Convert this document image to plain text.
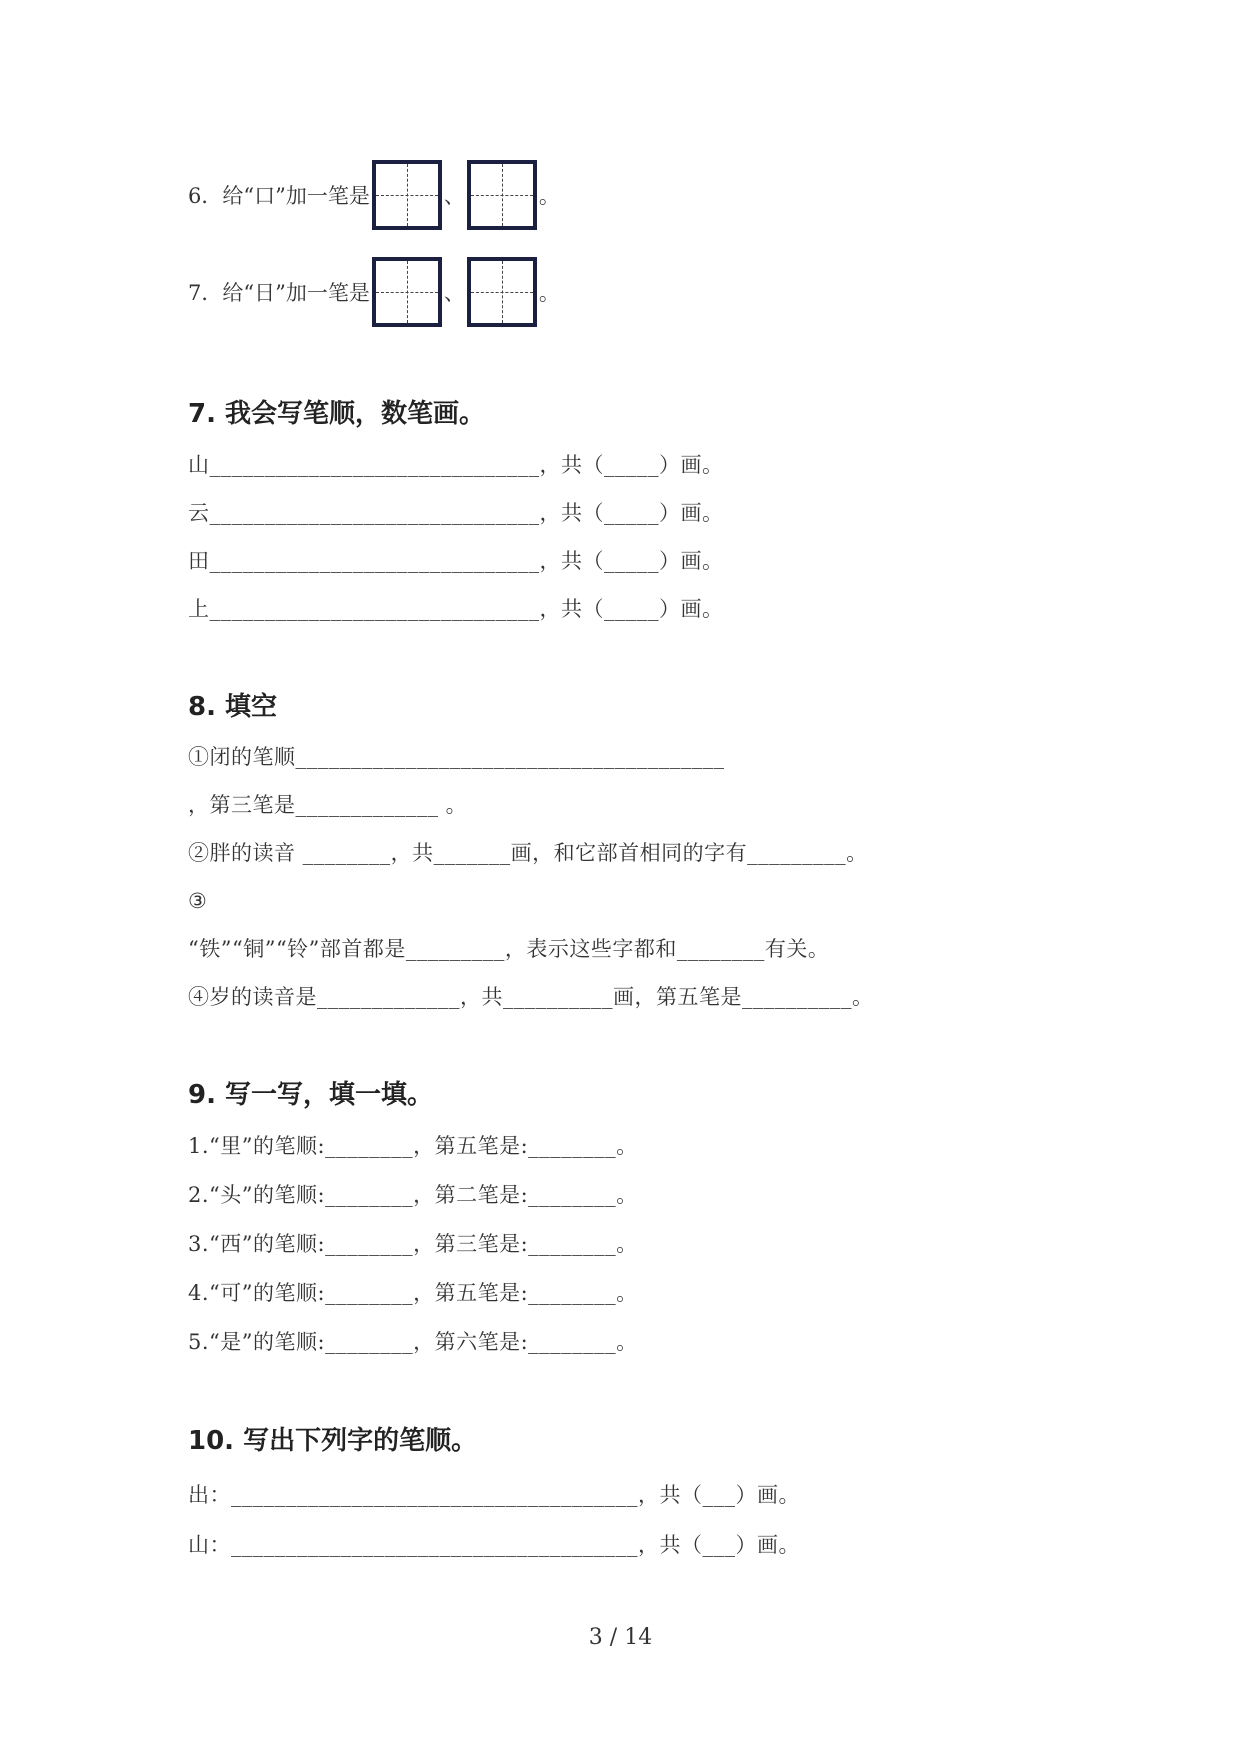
6．给“口”加一笔是	、	。
7．给“日”加一笔是	、	。
7. 我会写笔顺，数笔画。
山______________________________，共（_____）画。
云______________________________，共（_____）画。
田______________________________，共（_____）画。
上______________________________，共（_____）画。
8. 填空
①闭的笔顺_______________________________________
，第三笔是_____________ 。
②胖的读音 ________，共_______画，和它部首相同的字有_________。
③
“铁”“铜”“铃”部首都是_________，表示这些字都和________有关。
④岁的读音是_____________，共__________画，第五笔是__________。
9. 写一写，填一填。
1.“里”的笔顺:________，第五笔是:________。
2.“头”的笔顺:________，第二笔是:________。
3.“西”的笔顺:________，第三笔是:________。
4.“可”的笔顺:________，第五笔是:________。
5.“是”的笔顺:________，第六笔是:________。
10. 写出下列字的笔顺。
出：_____________________________________，共（___）画。
山：_____________________________________，共（___）画。
3 / 14
